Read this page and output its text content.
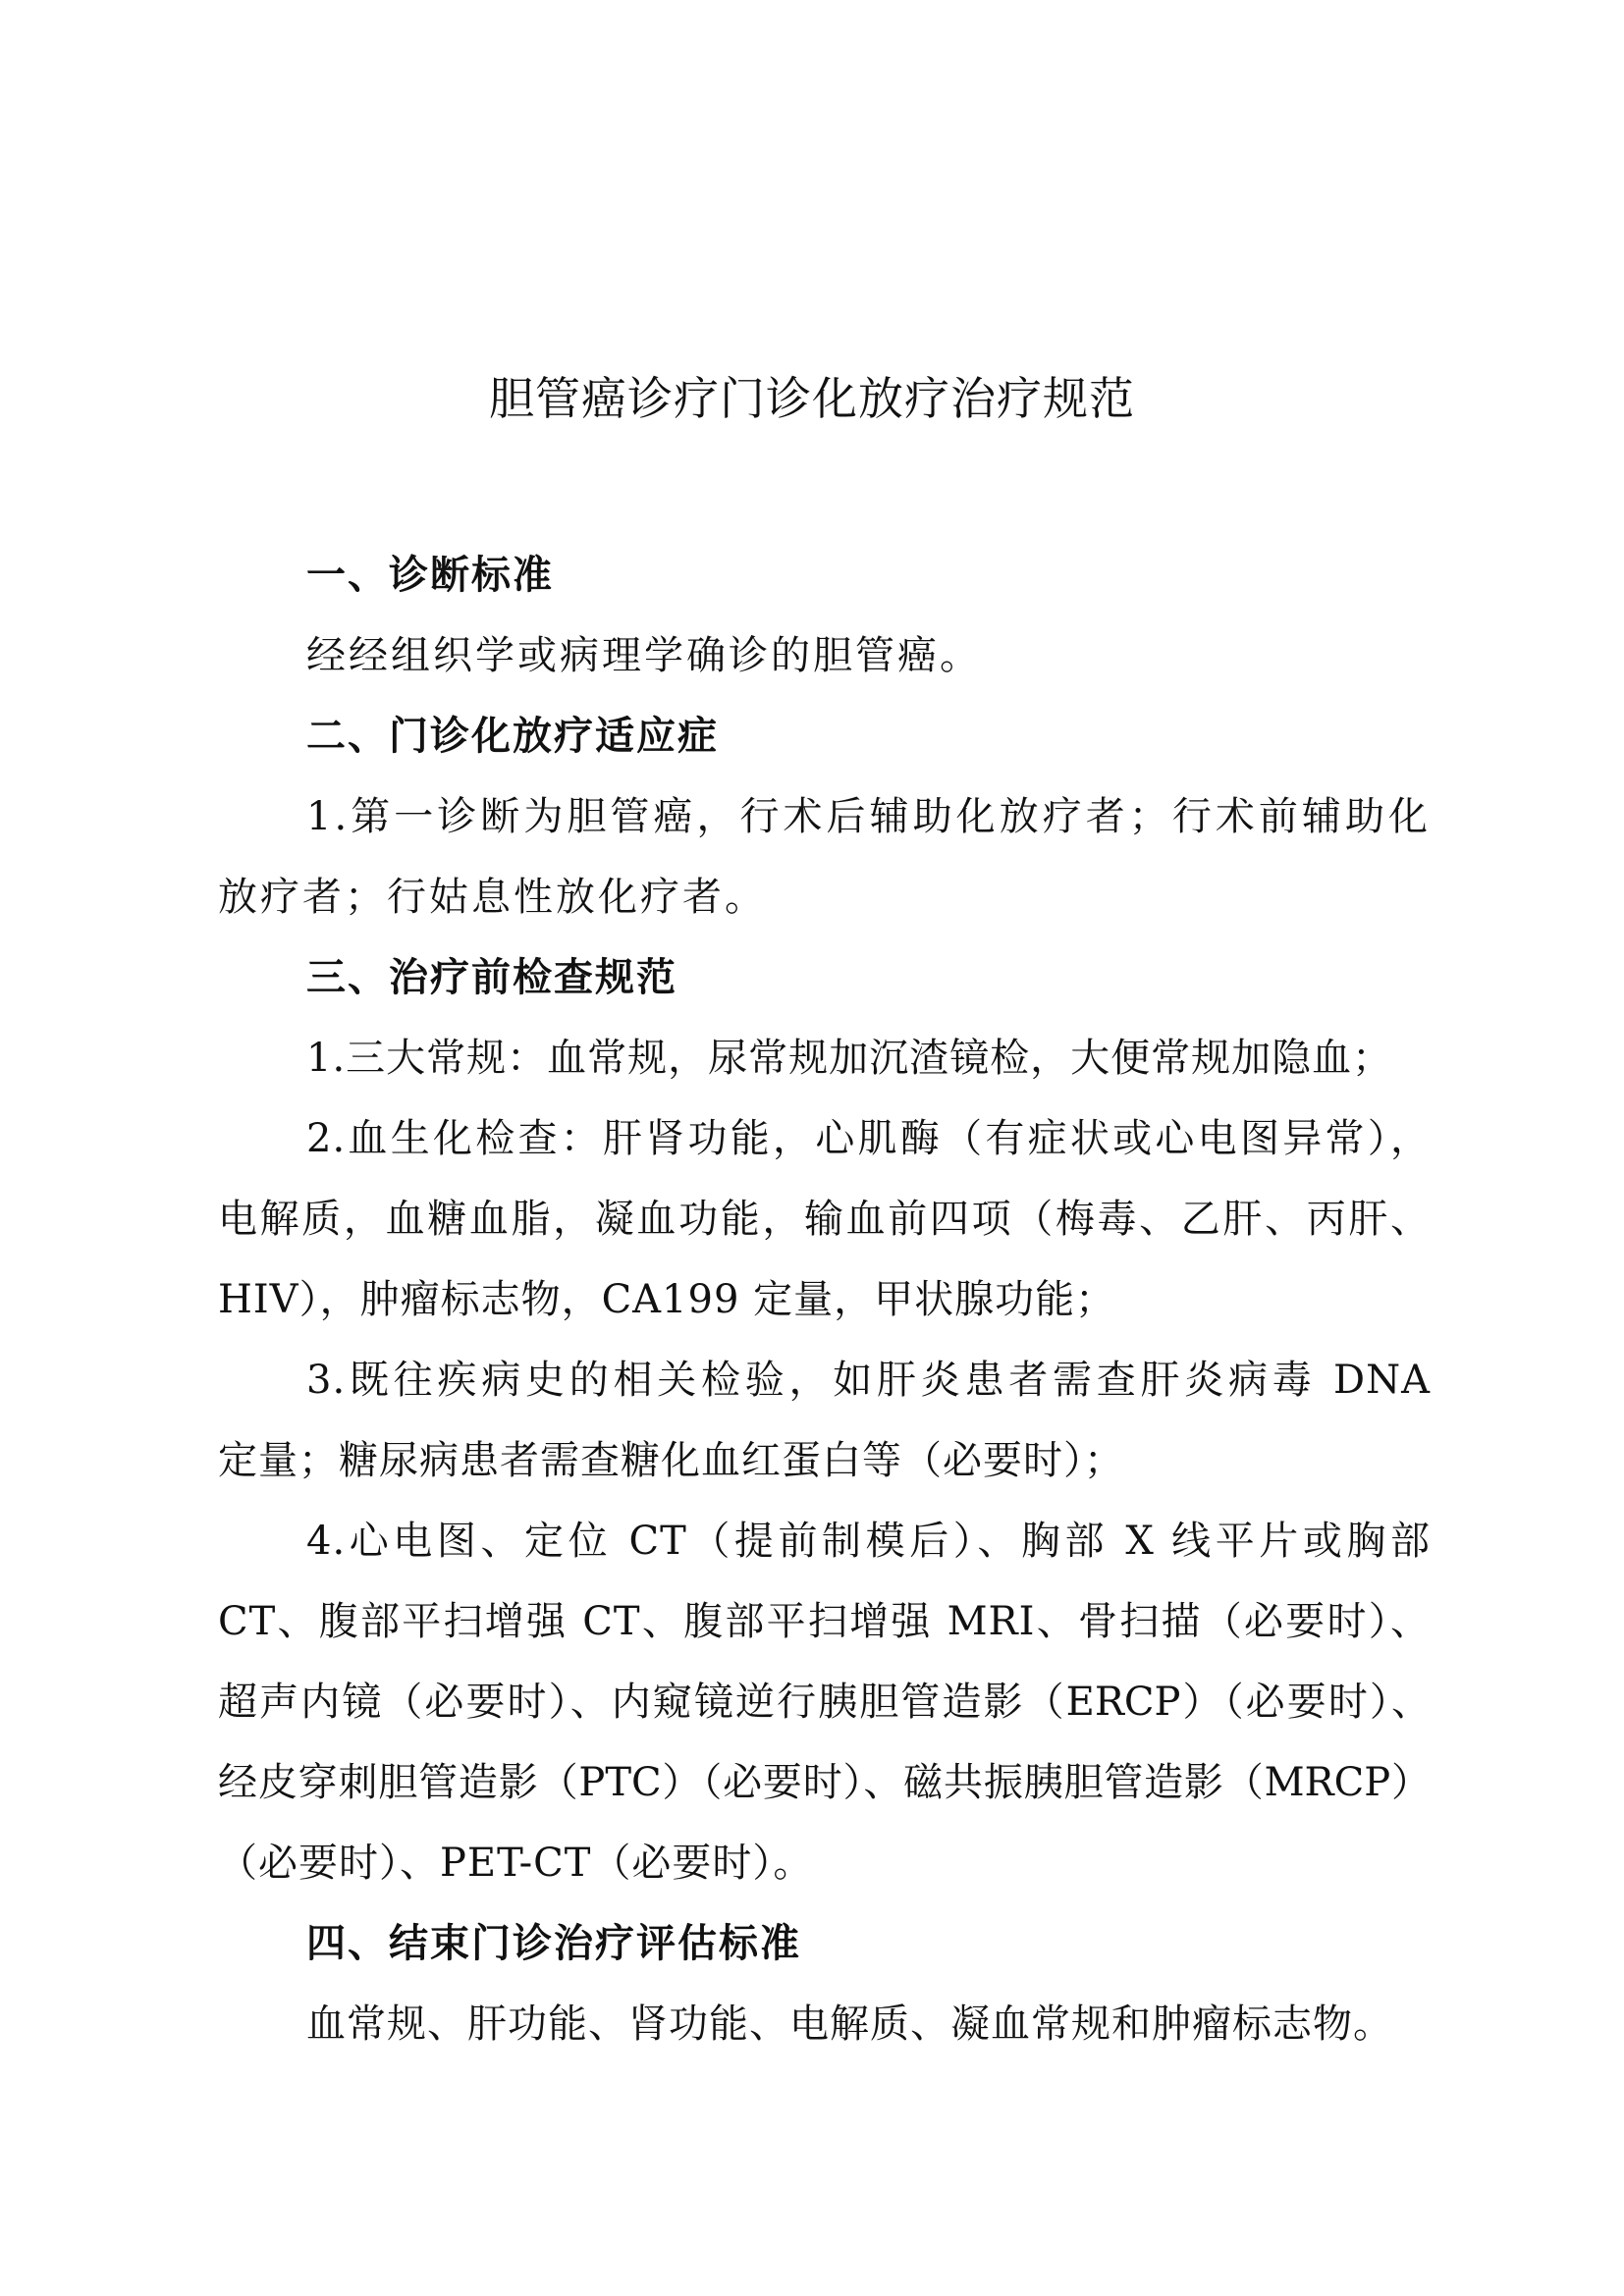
胆管癌诊疗门诊化放疗治疗规范
一、诊断标准
经经组织学或病理学确诊的胆管癌。
二、门诊化放疗适应症
1.第一诊断为胆管癌，行术后辅助化放疗者；行术前辅助化
放疗者；行姑息性放化疗者。
三、治疗前检查规范
1.三大常规：血常规，尿常规加沉渣镜检，大便常规加隐血；
2.血生化检查：肝肾功能，心肌酶（有症状或心电图异常），
电解质，血糖血脂，凝血功能，输血前四项（梅毒、乙肝、丙肝、
HIV），肿瘤标志物，CA199 定量，甲状腺功能；
3.既往疾病史的相关检验，如肝炎患者需查肝炎病毒 DNA
定量；糖尿病患者需查糖化血红蛋白等（必要时）；
4.心电图、定位 CT（提前制模后）、胸部 X 线平片或胸部
CT、腹部平扫增强 CT、腹部平扫增强 MRI、骨扫描（必要时）、
超声内镜（必要时）、内窥镜逆行胰胆管造影（ERCP）（必要时）、
经皮穿刺胆管造影（PTC）（必要时）、磁共振胰胆管造影（MRCP）
（必要时）、PET-CT（必要时）。
四、结束门诊治疗评估标准
血常规、肝功能、肾功能、电解质、凝血常规和肿瘤标志物。
